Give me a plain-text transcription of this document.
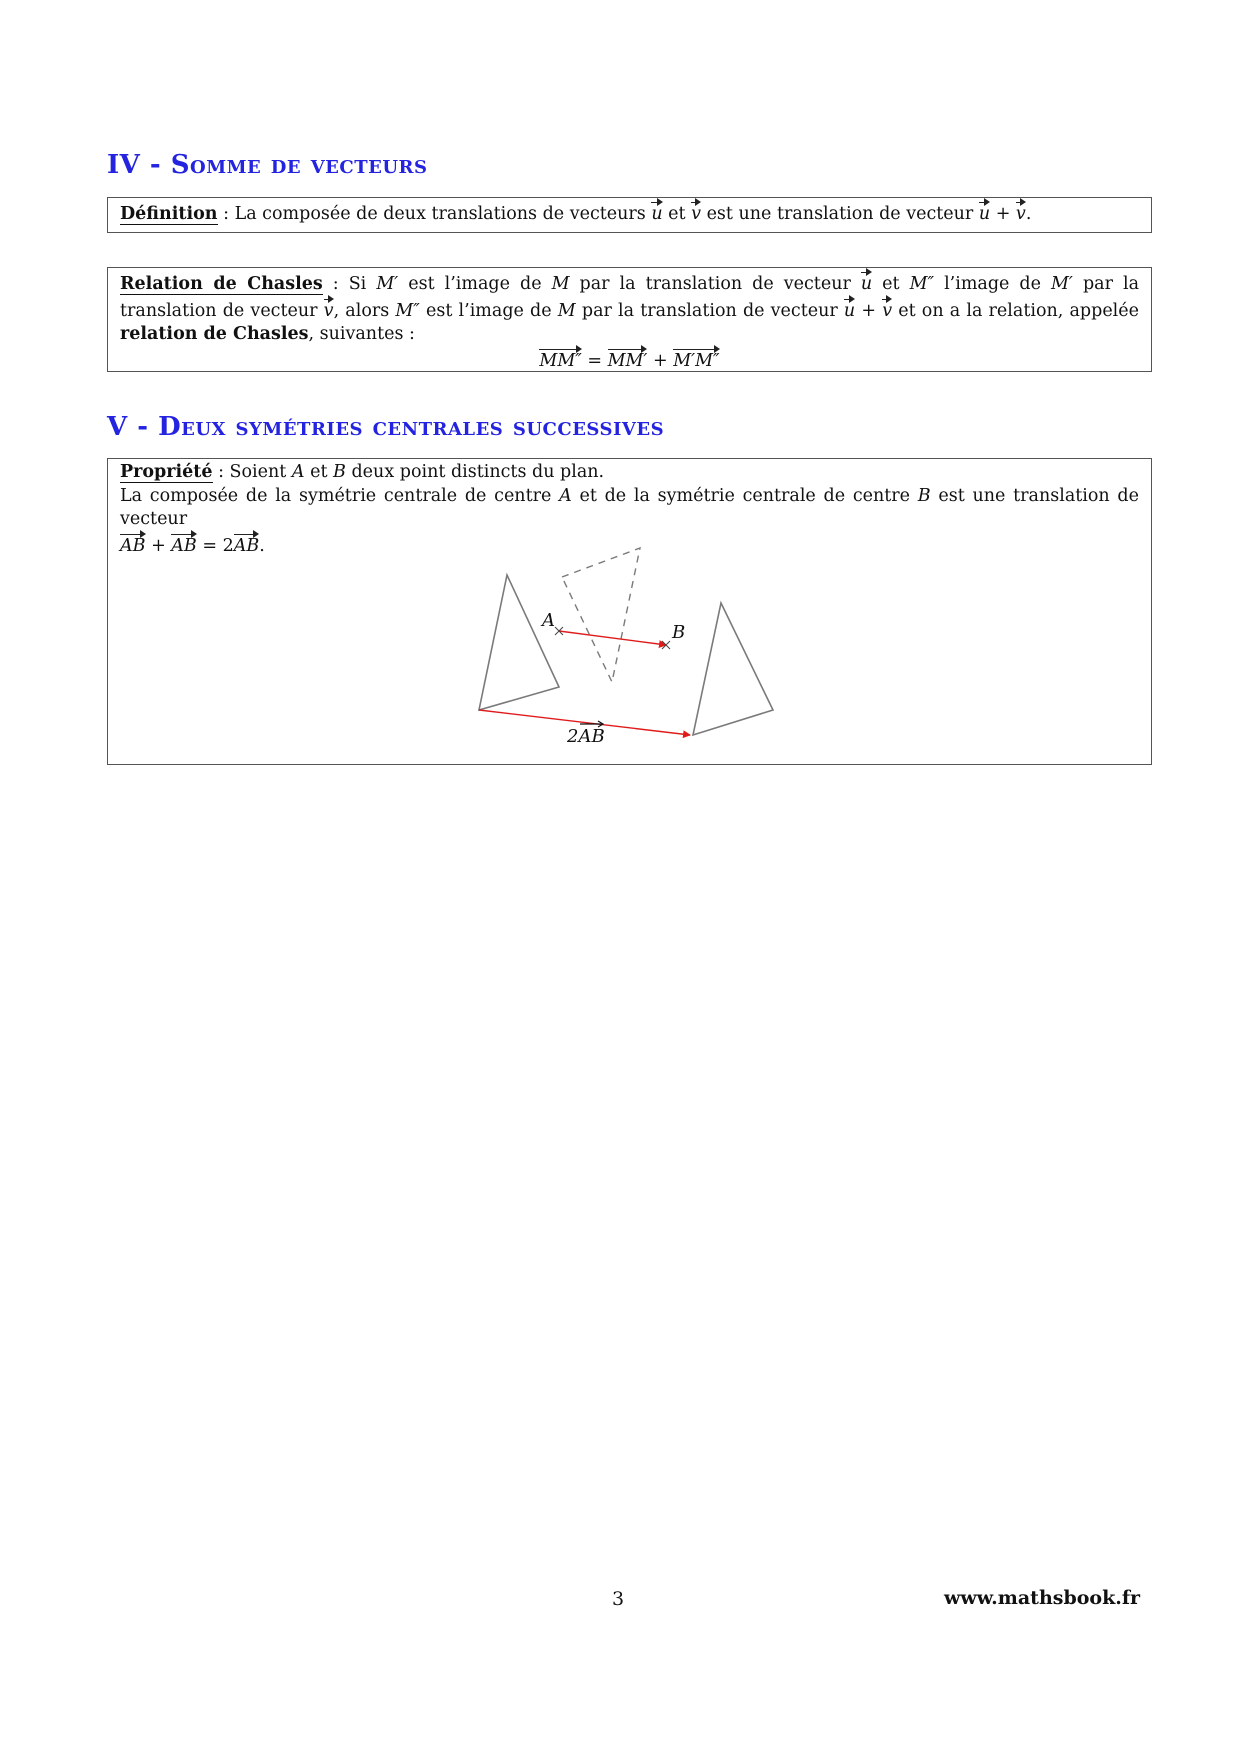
IV - Somme de vecteurs
Définition : La composée de deux translations de vecteurs u et v est une translation de vecteur u + v.
Relation de Chasles : Si M′ est l’image de M par la translation de vecteur u et M″ l’image de M′ par la translation de vecteur v, alors M″ est l’image de M par la translation de vecteur u + v et on a la relation, appelée relation de Chasles, suivantes :
MM″ = MM′ + M′M″
V - Deux symétries centrales successives
Propriété : Soient A et B deux point distincts du plan.
La composée de la symétrie centrale de centre A et de la symétrie centrale de centre B est une translation de vecteur
AB + AB = 2AB.
A
B
2AB
3	www.mathsbook.fr
